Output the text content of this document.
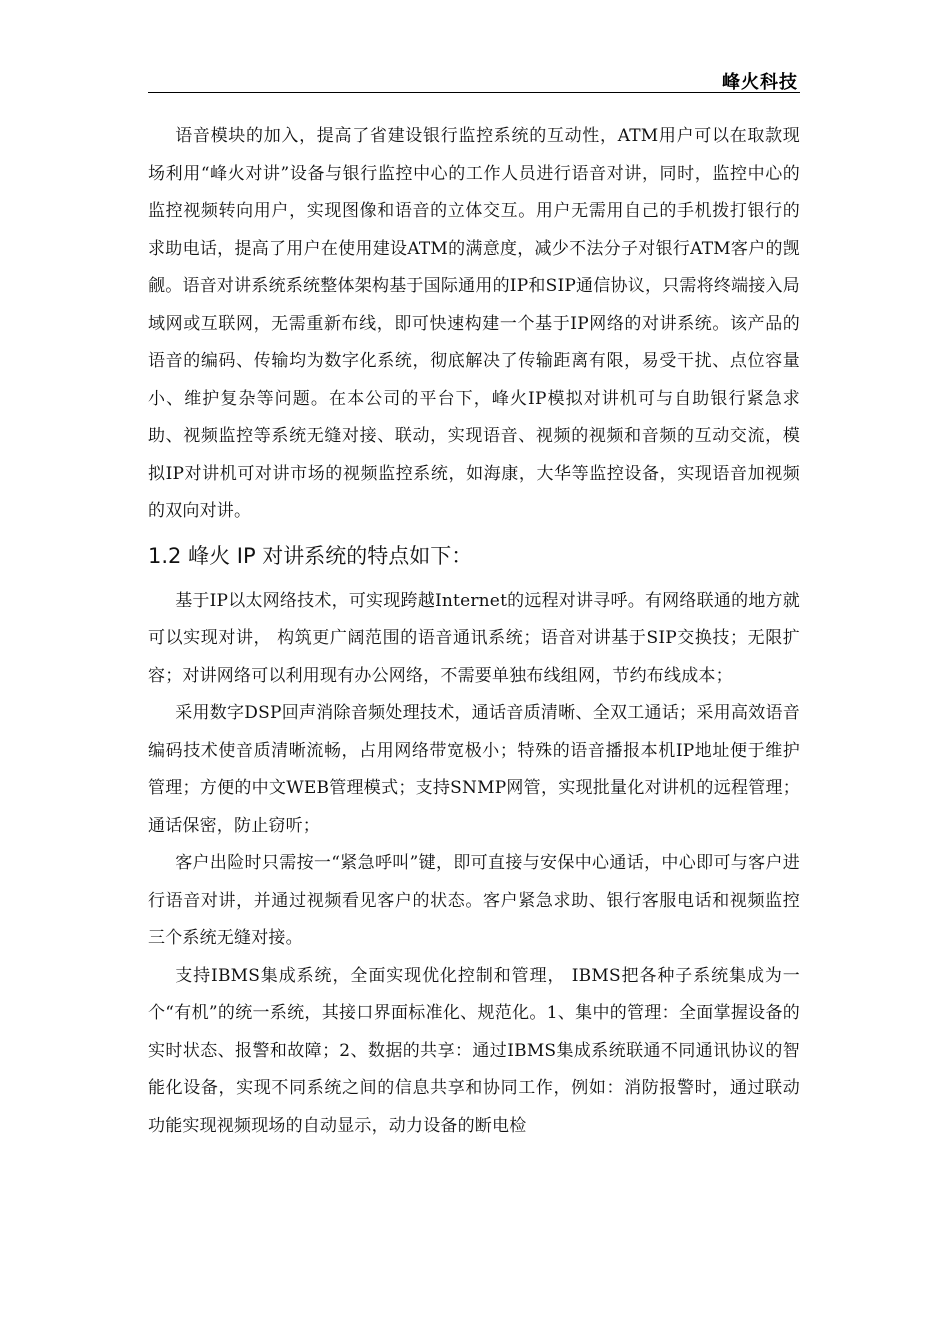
峰火科技

语音模块的加入，提高了省建设银行监控系统的互动性，ATM用户可以在取款现场利用“峰火对讲”设备与银行监控中心的工作人员进行语音对讲，同时，监控中心的监控视频转向用户，实现图像和语音的立体交互。用户无需用自己的手机拨打银行的求助电话，提高了用户在使用建设ATM的满意度，减少不法分子对银行ATM客户的觊觎。语音对讲系统系统整体架构基于国际通用的IP和SIP通信协议，只需将终端接入局域网或互联网，无需重新布线，即可快速构建一个基于IP网络的对讲系统。该产品的语音的编码、传输均为数字化系统，彻底解决了传输距离有限，易受干扰、点位容量小、维护复杂等问题。在本公司的平台下，峰火IP模拟对讲机可与自助银行紧急求助、视频监控等系统无缝对接、联动，实现语音、视频的视频和音频的互动交流，模拟IP对讲机可对讲市场的视频监控系统，如海康，大华等监控设备，实现语音加视频的双向对讲。

1.2 峰火 IP 对讲系统的特点如下：

基于IP以太网络技术，可实现跨越Internet的远程对讲寻呼。有网络联通的地方就可以实现对讲， 构筑更广阔范围的语音通讯系统；语音对讲基于SIP交换技；无限扩容；对讲网络可以利用现有办公网络，不需要单独布线组网，节约布线成本；

采用数字DSP回声消除音频处理技术，通话音质清晰、全双工通话；采用高效语音编码技术使音质清晰流畅，占用网络带宽极小；特殊的语音播报本机IP地址便于维护管理；方便的中文WEB管理模式；支持SNMP网管，实现批量化对讲机的远程管理；通话保密，防止窃听；

客户出险时只需按一“紧急呼叫”键，即可直接与安保中心通话，中心即可与客户进行语音对讲，并通过视频看见客户的状态。客户紧急求助、银行客服电话和视频监控三个系统无缝对接。

支持IBMS集成系统，全面实现优化控制和管理， IBMS把各种子系统集成为一个“有机”的统一系统，其接口界面标准化、规范化。1、集中的管理：全面掌握设备的实时状态、报警和故障；2、数据的共享：通过IBMS集成系统联通不同通讯协议的智能化设备，实现不同系统之间的信息共享和协同工作，例如：消防报警时，通过联动功能实现视频现场的自动显示，动力设备的断电检
